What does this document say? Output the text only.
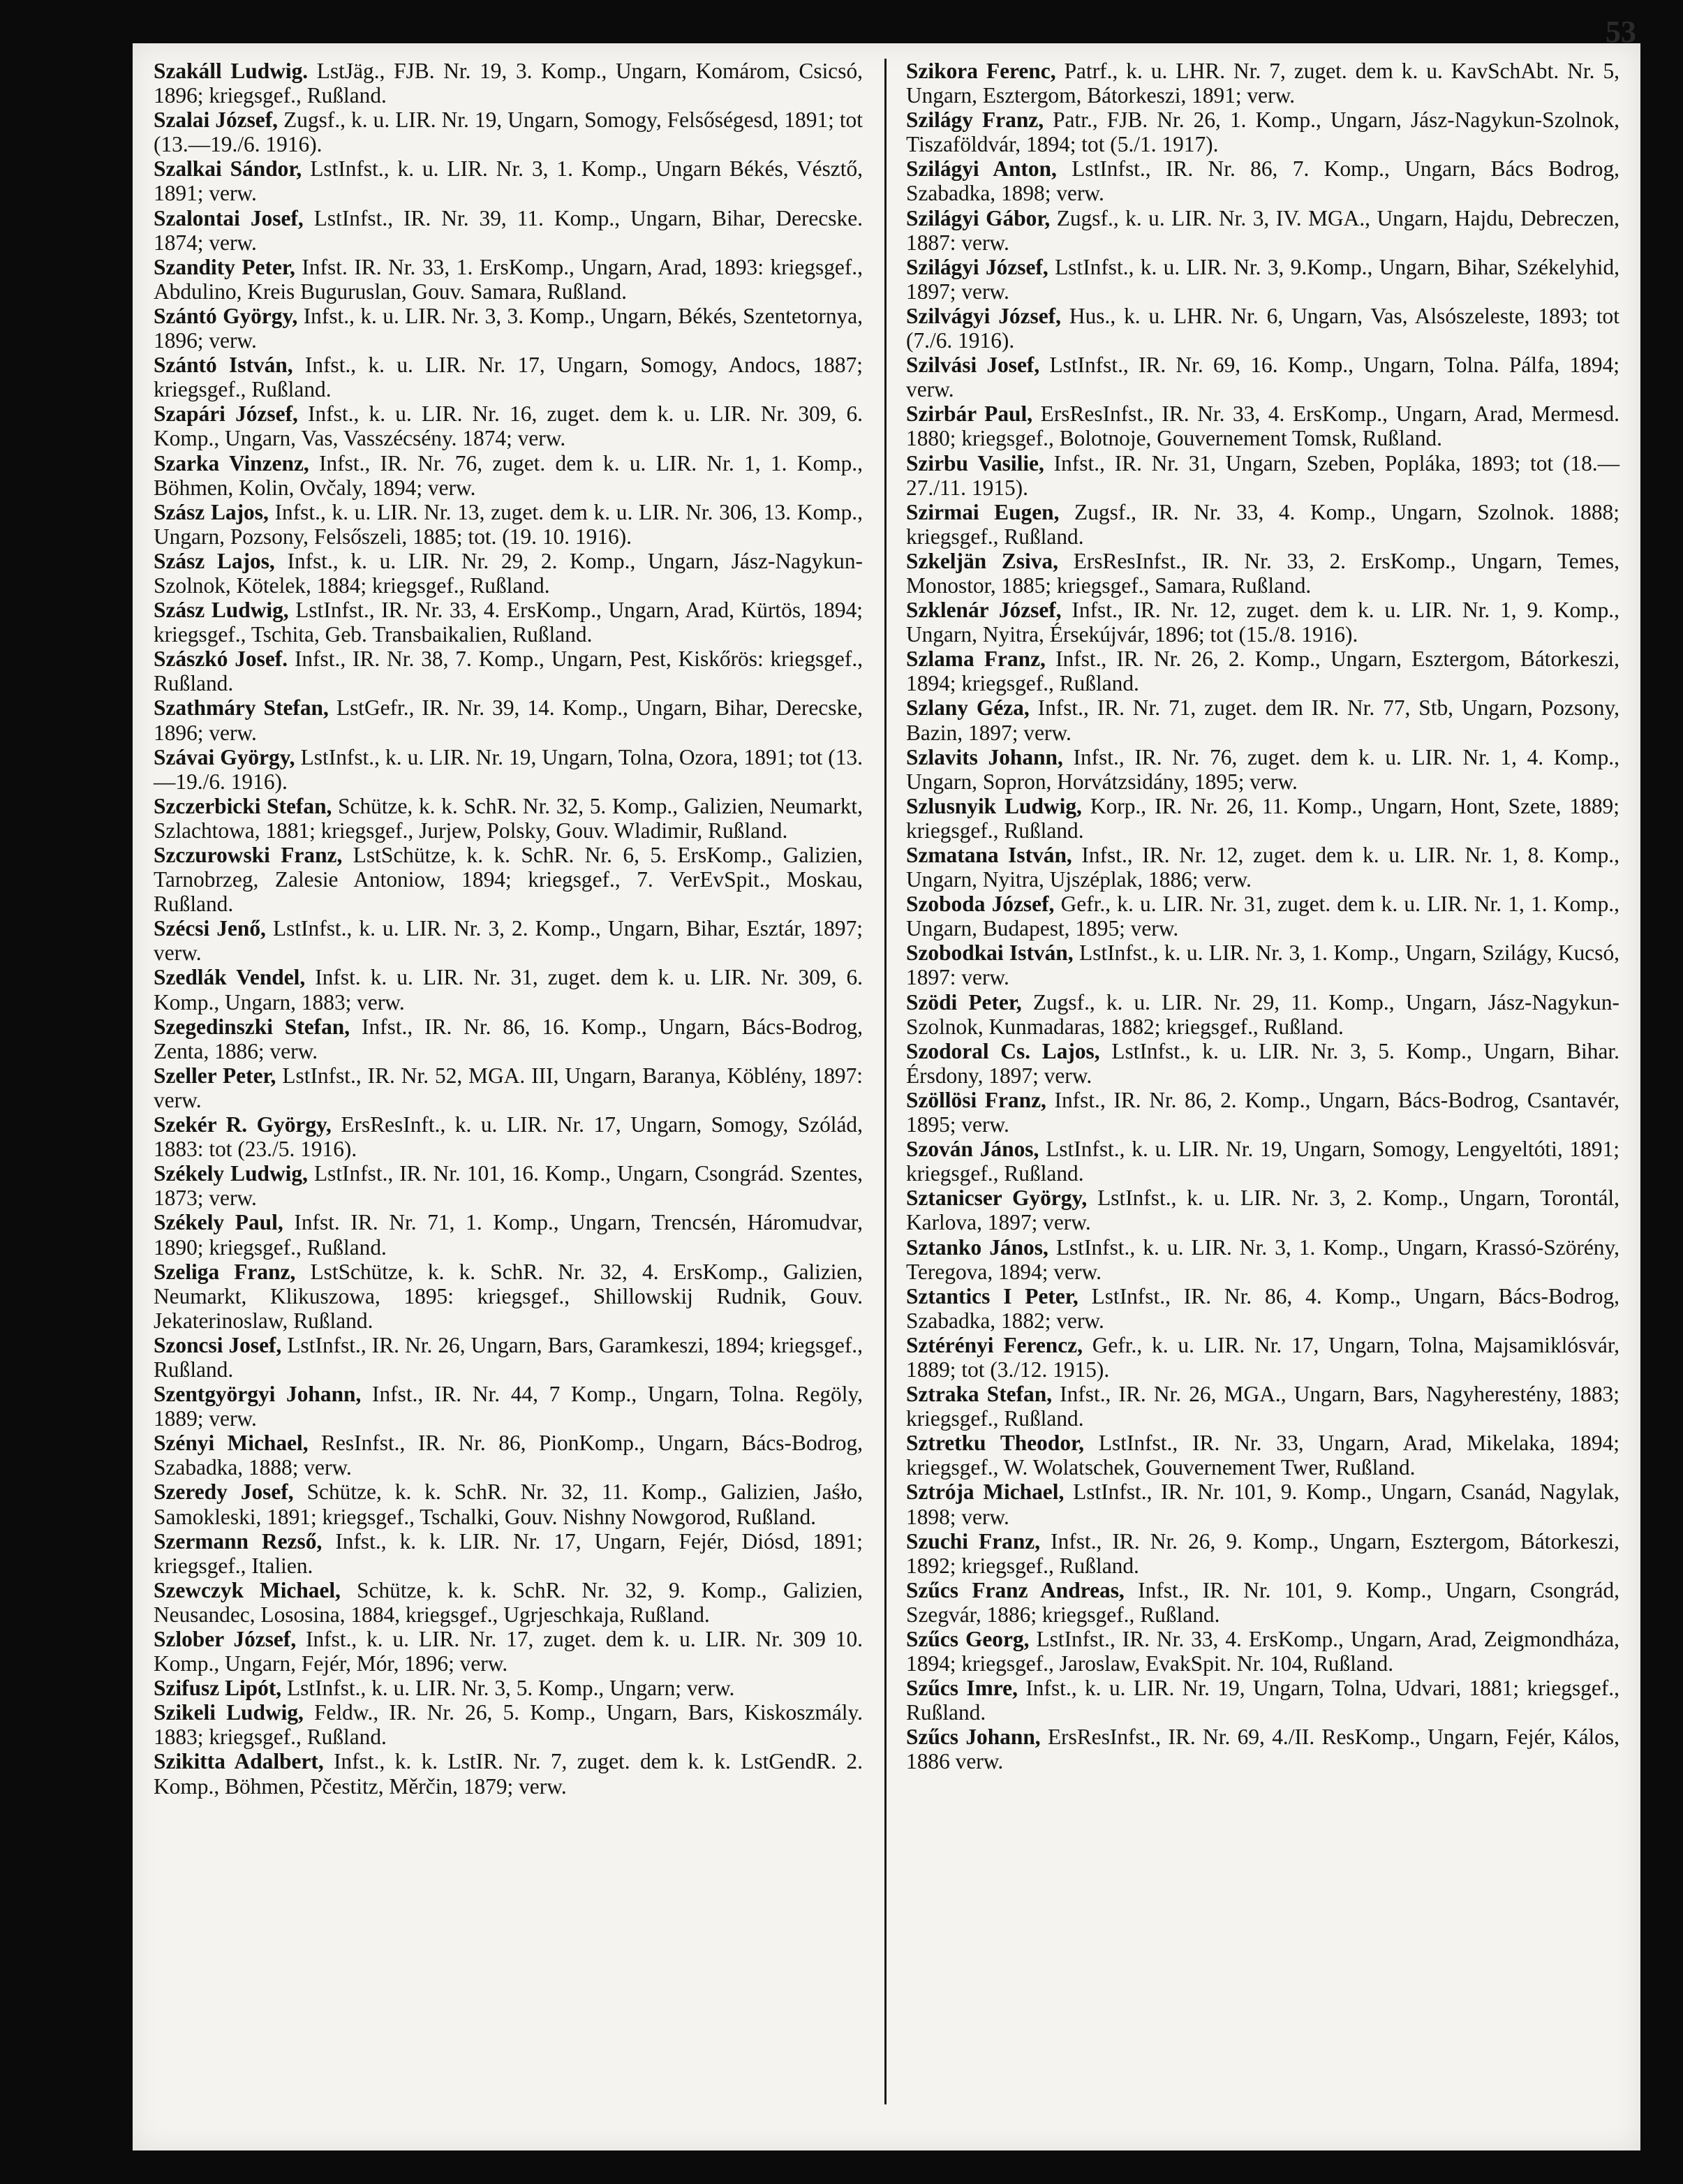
53

Szakáll Ludwig. LstJäg., FJB. Nr. 19, 3. Komp., Ungarn, Komárom, Csicsó, 1896; kriegsgef., Rußland.

Szalai József, Zugsf., k. u. LIR. Nr. 19, Ungarn, Somogy, Felsőségesd, 1891; tot (13.—19./6. 1916).

Szalkai Sándor, LstInfst., k. u. LIR. Nr. 3, 1. Komp., Ungarn Békés, Vésztő, 1891; verw.

Szalontai Josef, LstInfst., IR. Nr. 39, 11. Komp., Ungarn, Bihar, Derecske. 1874; verw.

Szandity Peter, Infst. IR. Nr. 33, 1. ErsKomp., Ungarn, Arad, 1893: kriegsgef., Abdulino, Kreis Buguruslan, Gouv. Samara, Rußland.

Szántó György, Infst., k. u. LIR. Nr. 3, 3. Komp., Ungarn, Békés, Szentetornya, 1896; verw.

Szántó István, Infst., k. u. LIR. Nr. 17, Ungarn, Somogy, Andocs, 1887; kriegsgef., Rußland.

Szapári József, Infst., k. u. LIR. Nr. 16, zuget. dem k. u. LIR. Nr. 309, 6. Komp., Ungarn, Vas, Vasszécsény. 1874; verw.

Szarka Vinzenz, Infst., IR. Nr. 76, zuget. dem k. u. LIR. Nr. 1, 1. Komp., Böhmen, Kolin, Ovčaly, 1894; verw.

Szász Lajos, Infst., k. u. LIR. Nr. 13, zuget. dem k. u. LIR. Nr. 306, 13. Komp., Ungarn, Pozsony, Felsőszeli, 1885; tot. (19. 10. 1916).

Szász Lajos, Infst., k. u. LIR. Nr. 29, 2. Komp., Ungarn, Jász-Nagykun-Szolnok, Kötelek, 1884; kriegsgef., Rußland.

Szász Ludwig, LstInfst., IR. Nr. 33, 4. ErsKomp., Ungarn, Arad, Kürtös, 1894; kriegsgef., Tschita, Geb. Transbaikalien, Rußland.

Szászkó Josef. Infst., IR. Nr. 38, 7. Komp., Ungarn, Pest, Kiskőrös: kriegsgef., Rußland.

Szathmáry Stefan, LstGefr., IR. Nr. 39, 14. Komp., Ungarn, Bihar, Derecske, 1896; verw.

Szávai György, LstInfst., k. u. LIR. Nr. 19, Ungarn, Tolna, Ozora, 1891; tot (13.—19./6. 1916).

Szczerbicki Stefan, Schütze, k. k. SchR. Nr. 32, 5. Komp., Galizien, Neumarkt, Szlachtowa, 1881; kriegsgef., Jurjew, Polsky, Gouv. Wladimir, Rußland.

Szczurowski Franz, LstSchütze, k. k. SchR. Nr. 6, 5. ErsKomp., Galizien, Tarnobrzeg, Zalesie Antoniow, 1894; kriegsgef., 7. VerEvSpit., Moskau, Rußland.

Szécsi Jenő, LstInfst., k. u. LIR. Nr. 3, 2. Komp., Ungarn, Bihar, Esztár, 1897; verw.

Szedlák Vendel, Infst. k. u. LIR. Nr. 31, zuget. dem k. u. LIR. Nr. 309, 6. Komp., Ungarn, 1883; verw.

Szegedinszki Stefan, Infst., IR. Nr. 86, 16. Komp., Ungarn, Bács-Bodrog, Zenta, 1886; verw.

Szeller Peter, LstInfst., IR. Nr. 52, MGA. III, Ungarn, Baranya, Köblény, 1897: verw.

Szekér R. György, ErsResInft., k. u. LIR. Nr. 17, Ungarn, Somogy, Szólád, 1883: tot (23./5. 1916).

Székely Ludwig, LstInfst., IR. Nr. 101, 16. Komp., Ungarn, Csongrád. Szentes, 1873; verw.

Székely Paul, Infst. IR. Nr. 71, 1. Komp., Ungarn, Trencsén, Háromudvar, 1890; kriegsgef., Rußland.

Szeliga Franz, LstSchütze, k. k. SchR. Nr. 32, 4. ErsKomp., Galizien, Neumarkt, Klikuszowa, 1895: kriegsgef., Shillowskij Rudnik, Gouv. Jekaterinoslaw, Rußland.

Szoncsi Josef, LstInfst., IR. Nr. 26, Ungarn, Bars, Garamkeszi, 1894; kriegsgef., Rußland.

Szentgyörgyi Johann, Infst., IR. Nr. 44, 7 Komp., Ungarn, Tolna. Regöly, 1889; verw.

Szényi Michael, ResInfst., IR. Nr. 86, PionKomp., Ungarn, Bács-Bodrog, Szabadka, 1888; verw.

Szeredy Josef, Schütze, k. k. SchR. Nr. 32, 11. Komp., Galizien, Jaśło, Samokleski, 1891; kriegsgef., Tschalki, Gouv. Nishny Nowgorod, Rußland.

Szermann Rezső, Infst., k. k. LIR. Nr. 17, Ungarn, Fejér, Diósd, 1891; kriegsgef., Italien.

Szewczyk Michael, Schütze, k. k. SchR. Nr. 32, 9. Komp., Galizien, Neusandec, Lososina, 1884, kriegsgef., Ugrjeschkaja, Rußland.

Szlober József, Infst., k. u. LIR. Nr. 17, zuget. dem k. u. LIR. Nr. 309 10. Komp., Ungarn, Fejér, Mór, 1896; verw.

Szifusz Lipót, LstInfst., k. u. LIR. Nr. 3, 5. Komp., Ungarn; verw.

Szikeli Ludwig, Feldw., IR. Nr. 26, 5. Komp., Ungarn, Bars, Kiskoszmály. 1883; kriegsgef., Rußland.

Szikitta Adalbert, Infst., k. k. LstIR. Nr. 7, zuget. dem k. k. LstGendR. 2. Komp., Böhmen, Pčestitz, Měrčin, 1879; verw.

Szikora Ferenc, Patrf., k. u. LHR. Nr. 7, zuget. dem k. u. KavSchAbt. Nr. 5, Ungarn, Esztergom, Bátorkeszi, 1891; verw.

Szilágy Franz, Patr., FJB. Nr. 26, 1. Komp., Ungarn, Jász-Nagykun-Szolnok, Tiszaföldvár, 1894; tot (5./1. 1917).

Szilágyi Anton, LstInfst., IR. Nr. 86, 7. Komp., Ungarn, Bács Bodrog, Szabadka, 1898; verw.

Szilágyi Gábor, Zugsf., k. u. LIR. Nr. 3, IV. MGA., Ungarn, Hajdu, Debreczen, 1887: verw.

Szilágyi József, LstInfst., k. u. LIR. Nr. 3, 9.Komp., Ungarn, Bihar, Székelyhid, 1897; verw.

Szilvágyi József, Hus., k. u. LHR. Nr. 6, Ungarn, Vas, Alsószeleste, 1893; tot (7./6. 1916).

Szilvási Josef, LstInfst., IR. Nr. 69, 16. Komp., Ungarn, Tolna. Pálfa, 1894; verw.

Szirbár Paul, ErsResInfst., IR. Nr. 33, 4. ErsKomp., Ungarn, Arad, Mermesd. 1880; kriegsgef., Bolotnoje, Gouvernement Tomsk, Rußland.

Szirbu Vasilie, Infst., IR. Nr. 31, Ungarn, Szeben, Popláka, 1893; tot (18.—27./11. 1915).

Szirmai Eugen, Zugsf., IR. Nr. 33, 4. Komp., Ungarn, Szolnok. 1888; kriegsgef., Rußland.

Szkeljän Zsiva, ErsResInfst., IR. Nr. 33, 2. ErsKomp., Ungarn, Temes, Monostor, 1885; kriegsgef., Samara, Rußland.

Szklenár József, Infst., IR. Nr. 12, zuget. dem k. u. LIR. Nr. 1, 9. Komp., Ungarn, Nyitra, Érsekújvár, 1896; tot (15./8. 1916).

Szlama Franz, Infst., IR. Nr. 26, 2. Komp., Ungarn, Esztergom, Bátorkeszi, 1894; kriegsgef., Rußland.

Szlany Géza, Infst., IR. Nr. 71, zuget. dem IR. Nr. 77, Stb, Ungarn, Pozsony, Bazin, 1897; verw.

Szlavits Johann, Infst., IR. Nr. 76, zuget. dem k. u. LIR. Nr. 1, 4. Komp., Ungarn, Sopron, Horvátzsidány, 1895; verw.

Szlusnyik Ludwig, Korp., IR. Nr. 26, 11. Komp., Ungarn, Hont, Szete, 1889; kriegsgef., Rußland.

Szmatana István, Infst., IR. Nr. 12, zuget. dem k. u. LIR. Nr. 1, 8. Komp., Ungarn, Nyitra, Ujszéplak, 1886; verw.

Szoboda József, Gefr., k. u. LIR. Nr. 31, zuget. dem k. u. LIR. Nr. 1, 1. Komp., Ungarn, Budapest, 1895; verw.

Szobodkai István, LstInfst., k. u. LIR. Nr. 3, 1. Komp., Ungarn, Szilágy, Kucsó, 1897: verw.

Szödi Peter, Zugsf., k. u. LIR. Nr. 29, 11. Komp., Ungarn, Jász-Nagykun-Szolnok, Kunmadaras, 1882; kriegsgef., Rußland.

Szodoral Cs. Lajos, LstInfst., k. u. LIR. Nr. 3, 5. Komp., Ungarn, Bihar. Érsdony, 1897; verw.

Szöllösi Franz, Infst., IR. Nr. 86, 2. Komp., Ungarn, Bács-Bodrog, Csantavér, 1895; verw.

Szován János, LstInfst., k. u. LIR. Nr. 19, Ungarn, Somogy, Lengyeltóti, 1891; kriegsgef., Rußland.

Sztanicser György, LstInfst., k. u. LIR. Nr. 3, 2. Komp., Ungarn, Torontál, Karlova, 1897; verw.

Sztanko János, LstInfst., k. u. LIR. Nr. 3, 1. Komp., Ungarn, Krassó-Szörény, Teregova, 1894; verw.

Sztantics I Peter, LstInfst., IR. Nr. 86, 4. Komp., Ungarn, Bács-Bodrog, Szabadka, 1882; verw.

Sztérényi Ferencz, Gefr., k. u. LIR. Nr. 17, Ungarn, Tolna, Majsamiklósvár, 1889; tot (3./12. 1915).

Sztraka Stefan, Infst., IR. Nr. 26, MGA., Ungarn, Bars, Nagyherestény, 1883; kriegsgef., Rußland.

Sztretku Theodor, LstInfst., IR. Nr. 33, Ungarn, Arad, Mikelaka, 1894; kriegsgef., W. Wolatschek, Gouvernement Twer, Rußland.

Sztrója Michael, LstInfst., IR. Nr. 101, 9. Komp., Ungarn, Csanád, Nagylak, 1898; verw.

Szuchi Franz, Infst., IR. Nr. 26, 9. Komp., Ungarn, Esztergom, Bátorkeszi, 1892; kriegsgef., Rußland.

Szűcs Franz Andreas, Infst., IR. Nr. 101, 9. Komp., Ungarn, Csongrád, Szegvár, 1886; kriegsgef., Rußland.

Szűcs Georg, LstInfst., IR. Nr. 33, 4. ErsKomp., Ungarn, Arad, Zeigmondháza, 1894; kriegsgef., Jaroslaw, EvakSpit. Nr. 104, Rußland.

Szűcs Imre, Infst., k. u. LIR. Nr. 19, Ungarn, Tolna, Udvari, 1881; kriegsgef., Rußland.

Szűcs Johann, ErsResInfst., IR. Nr. 69, 4./II. ResKomp., Ungarn, Fejér, Kálos, 1886 verw.
